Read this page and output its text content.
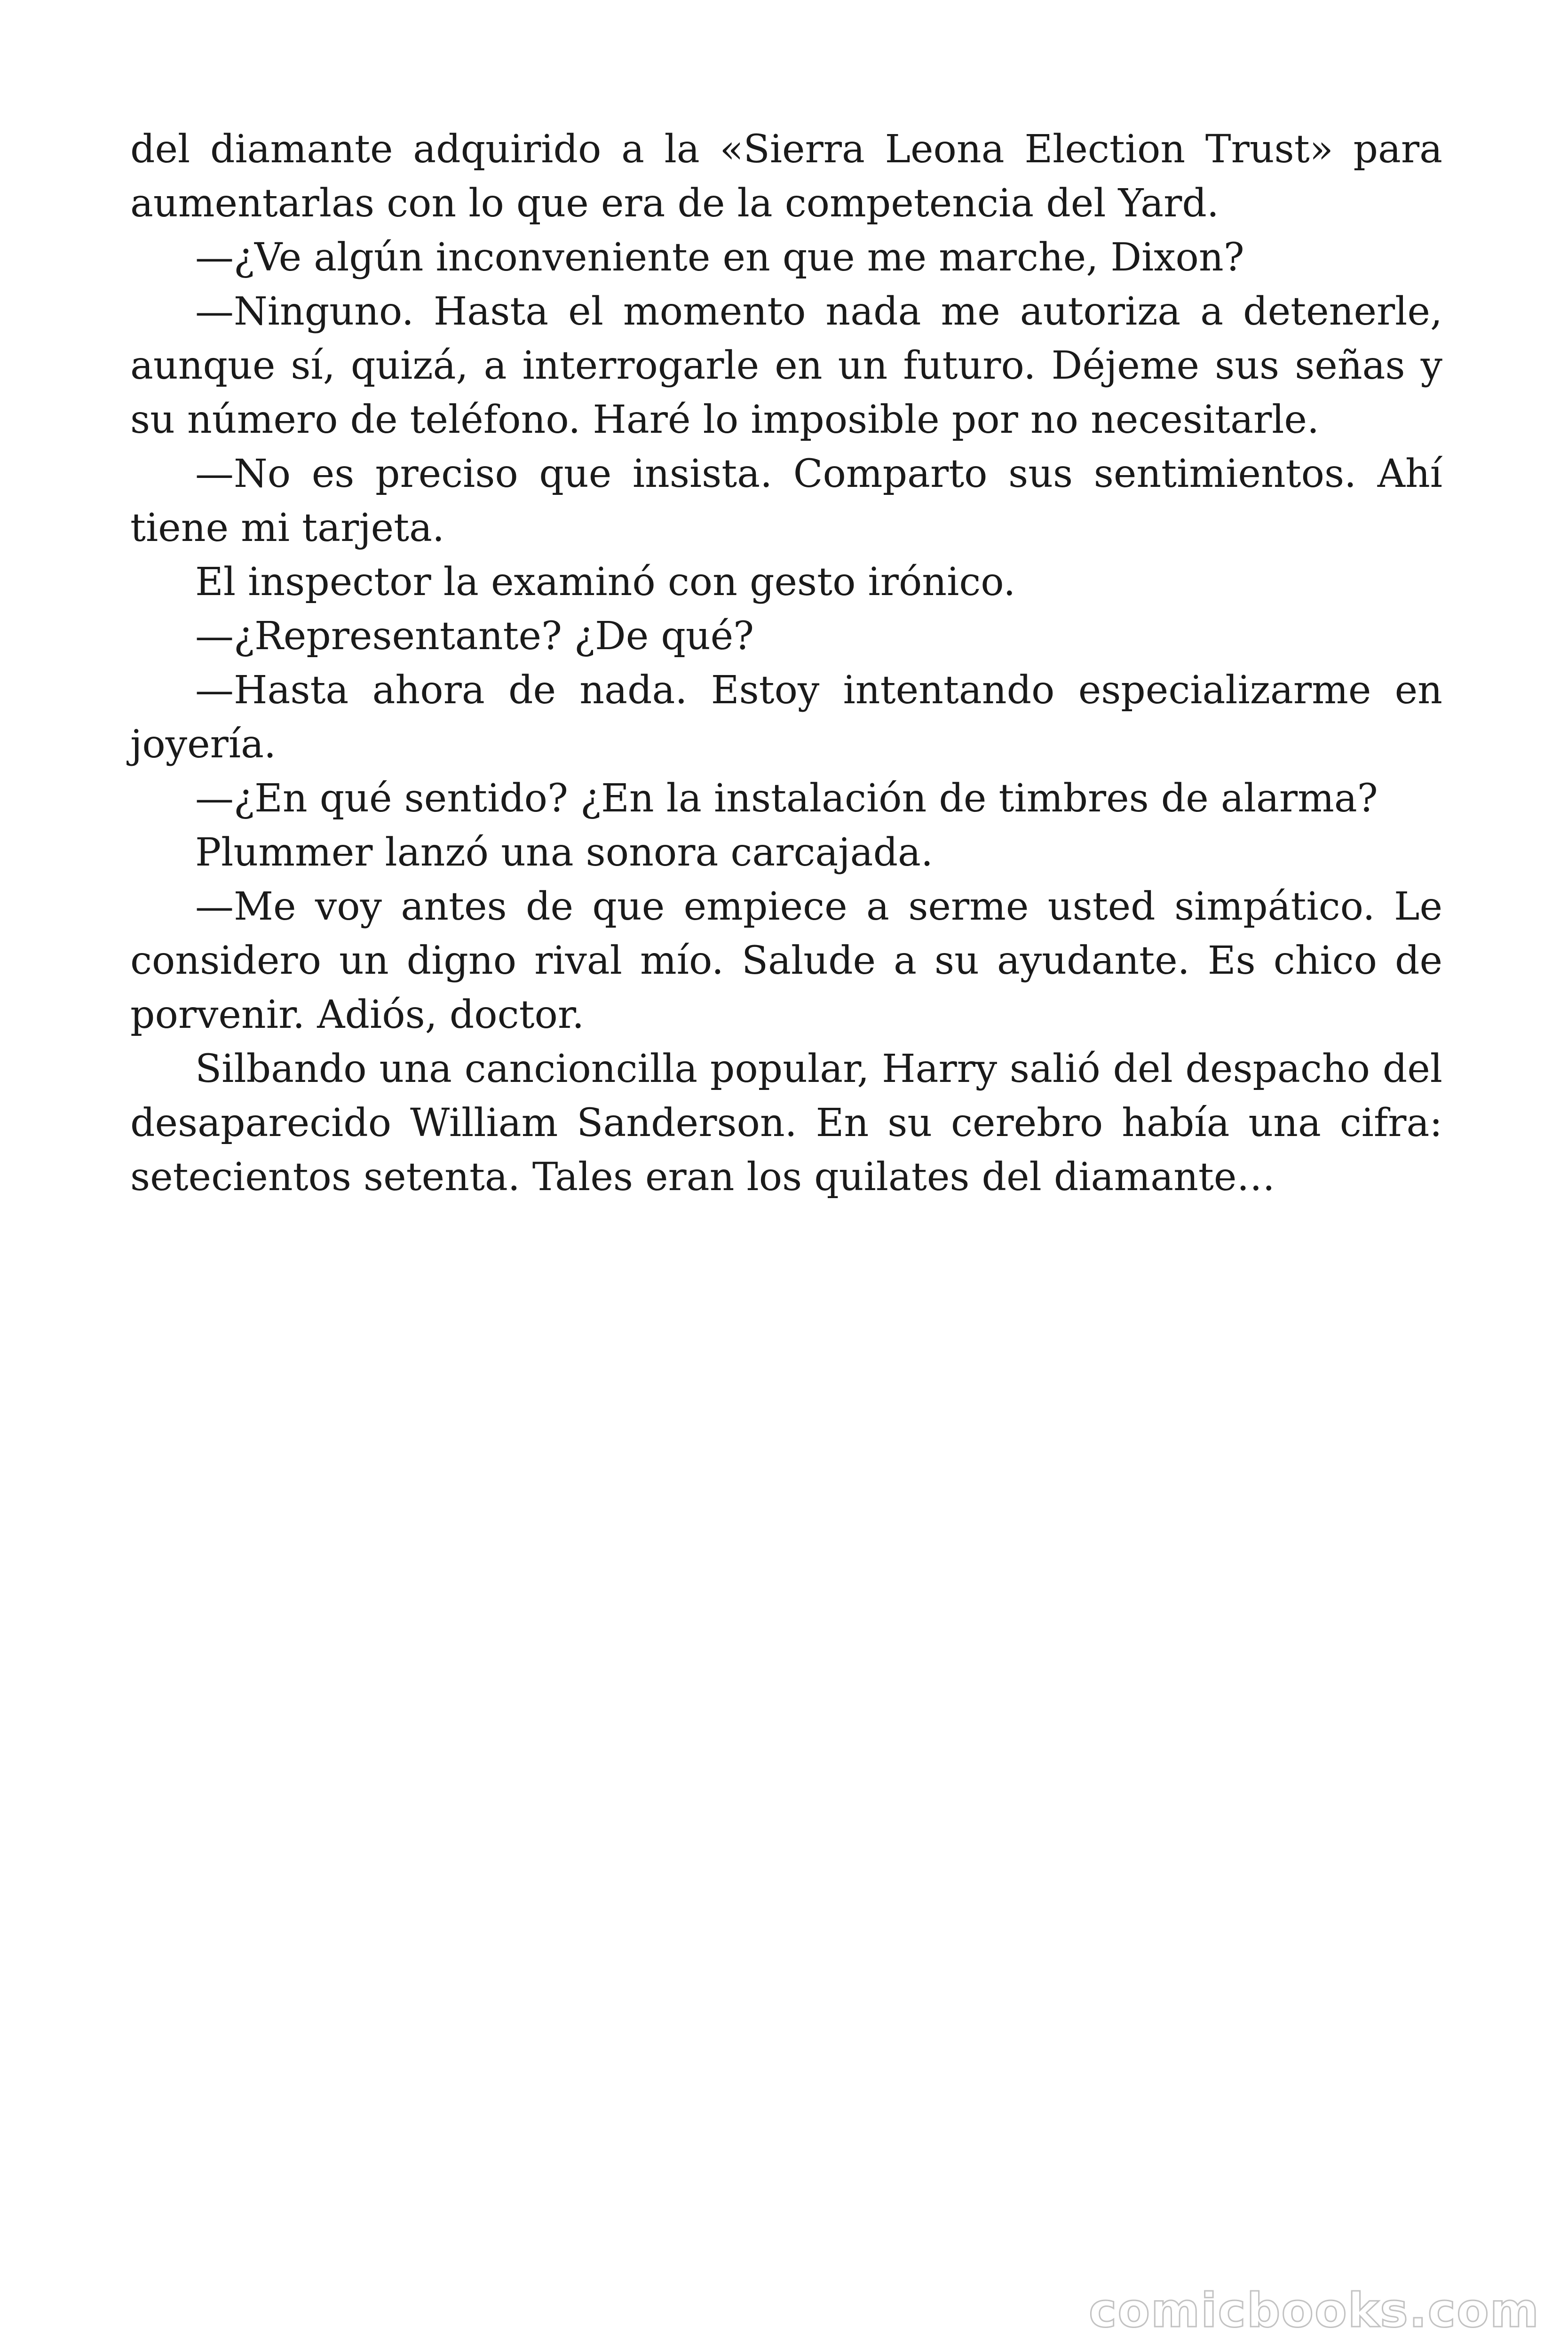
del diamante adquirido a la «Sierra Leona Election Trust» para aumentarlas con lo que era de la competencia del Yard.

—¿Ve algún inconveniente en que me marche, Dixon?

—Ninguno. Hasta el momento nada me autoriza a detenerle, aunque sí, quizá, a interrogarle en un futuro. Déjeme sus señas y su número de teléfono. Haré lo imposible por no necesitarle.

—No es preciso que insista. Comparto sus sentimientos. Ahí tiene mi tarjeta.

El inspector la examinó con gesto irónico.

—¿Representante? ¿De qué?

—Hasta ahora de nada. Estoy intentando especializarme en joyería.

—¿En qué sentido? ¿En la instalación de timbres de alarma?

Plummer lanzó una sonora carcajada.

—Me voy antes de que empiece a serme usted simpático. Le considero un digno rival mío. Salude a su ayudante. Es chico de porvenir. Adiós, doctor.

Silbando una cancioncilla popular, Harry salió del despacho del desaparecido William Sanderson. En su cerebro había una cifra: setecientos setenta. Tales eran los quilates del diamante…

comicbooks.com
